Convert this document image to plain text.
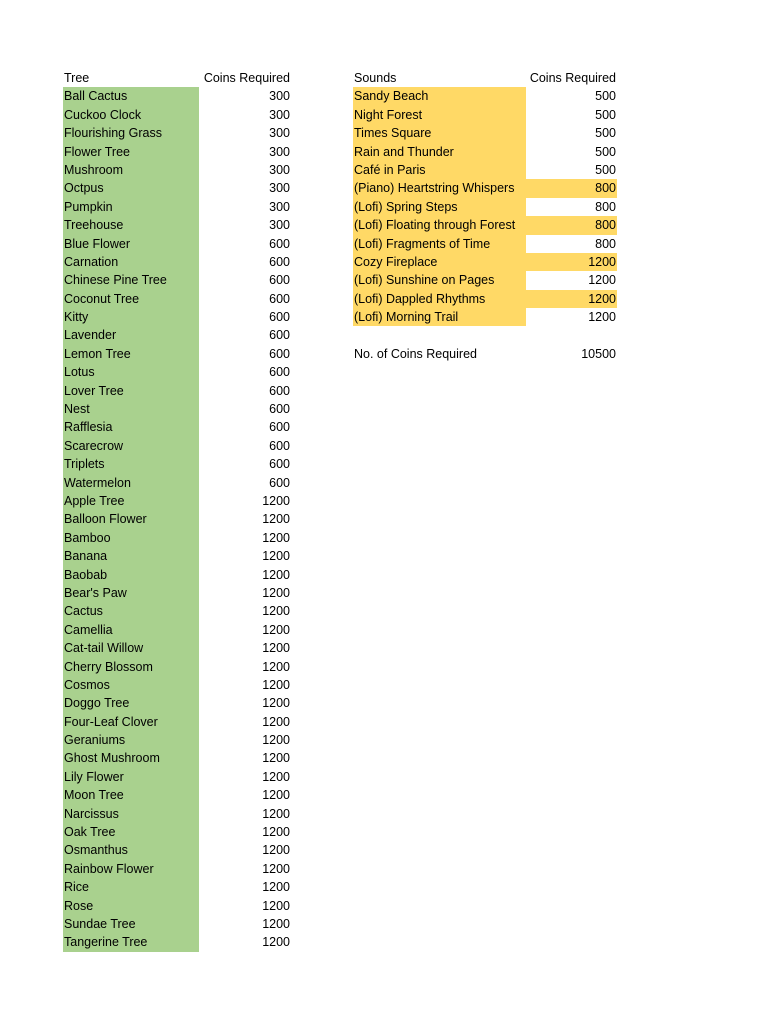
Tree	Coins Required
Ball Cactus	300
Cuckoo Clock	300
Flourishing Grass	300
Flower Tree	300
Mushroom	300
Octpus	300
Pumpkin	300
Treehouse	300
Blue Flower	600
Carnation	600
Chinese Pine Tree	600
Coconut Tree	600
Kitty	600
Lavender	600
Lemon Tree	600
Lotus	600
Lover Tree	600
Nest	600
Rafflesia	600
Scarecrow	600
Triplets	600
Watermelon	600
Apple Tree	1200
Balloon Flower	1200
Bamboo	1200
Banana	1200
Baobab	1200
Bear's Paw	1200
Cactus	1200
Camellia	1200
Cat-tail Willow	1200
Cherry Blossom	1200
Cosmos	1200
Doggo Tree	1200
Four-Leaf Clover	1200
Geraniums	1200
Ghost Mushroom	1200
Lily Flower	1200
Moon Tree	1200
Narcissus	1200
Oak Tree	1200
Osmanthus	1200
Rainbow Flower	1200
Rice	1200
Rose	1200
Sundae Tree	1200
Tangerine Tree	1200
Sounds	Coins Required
Sandy Beach	500
Night Forest	500
Times Square	500
Rain and Thunder	500
Café in Paris	500
(Piano) Heartstring Whispers	800
(Lofi) Spring Steps	800
(Lofi) Floating through Forest	800
(Lofi) Fragments of Time	800
Cozy Fireplace	1200
(Lofi) Sunshine on Pages	1200
(Lofi) Dappled Rhythms	1200
(Lofi) Morning Trail	1200
No. of Coins Required	10500
